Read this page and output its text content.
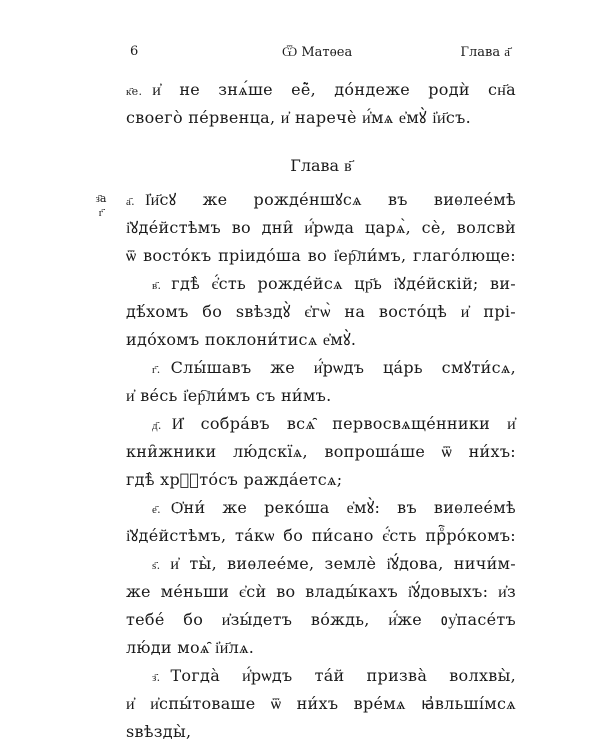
6	Ѿ Матѳеа	Глава а҃
к҃е. и҆ не знѧ́ше её̀, до́ндеже родѝ сн҃а
своего̀ пе́рвенца, и҆ наречѐ и҆́мѧ е҆мꙋ̀ і҆и҃съ.
Глава в҃
з҃а
г҃
а҃. І҆и҃сꙋ же рожде́ншꙋсѧ въ виѳлее́мѣ
і҆ꙋде́йстѣмъ во дни̑ и҆́рѡда царѧ̀, сѐ, волсвѝ
ѿ восто́къ пріидо́ша во і҆ер҇ли́мъ, глаго́люще:
в҃. гдѣ̀ є҆́сть рожде́йсѧ цр҃ь і҆ꙋде́йскій; ви-
дѣ́хомъ бо ѕвѣздꙋ̀ є҆гѡ̀ на восто́цѣ и҆ прі-
идо́хомъ поклони́тисѧ е҆мꙋ̀.
г҃. Слы́шавъ же и҆́рѡдъ ца́рь смꙋти́сѧ,
и҆ ве́сь і҆ер҇ли́мъ съ ни́мъ.
д҃. И҆ собра́въ всѧ̑ первосвѧще́нники и҆
кни̑жники лю́дскїѧ, вопроша́ше ѿ ни́хъ:
гдѣ̀ хрⷭ҇то́съ ражда́етсѧ;
е҃. Ѻ҆ни́ же реко́ша е҆мꙋ̀: въ виѳлее́мѣ
і҆ꙋде́йстѣмъ, та́кѡ бо пи́сано є҆́сть прⷪ҇ро́комъ:
ѕ҃. и҆ ты̀, виѳлее́ме, землѐ і҆ꙋ́дова, ничи́м-
же ме́ньши є҆сѝ во влады́кахъ і҆ꙋ́довыхъ: и҆з
тебе́ бо и҆зы́детъ во́ждь, и҆́же ᲂу҆пасе́тъ
лю́ди моѧ̑ і҆и҃лѧ.
з҃. Тогда̀ и҆́рѡдъ та́й призва̀ волхвы̀,
и҆ и҆спы́товаше ѿ ни́хъ вре́мѧ ꙗ҆вльші́мсѧ
ѕвѣзды̀,
